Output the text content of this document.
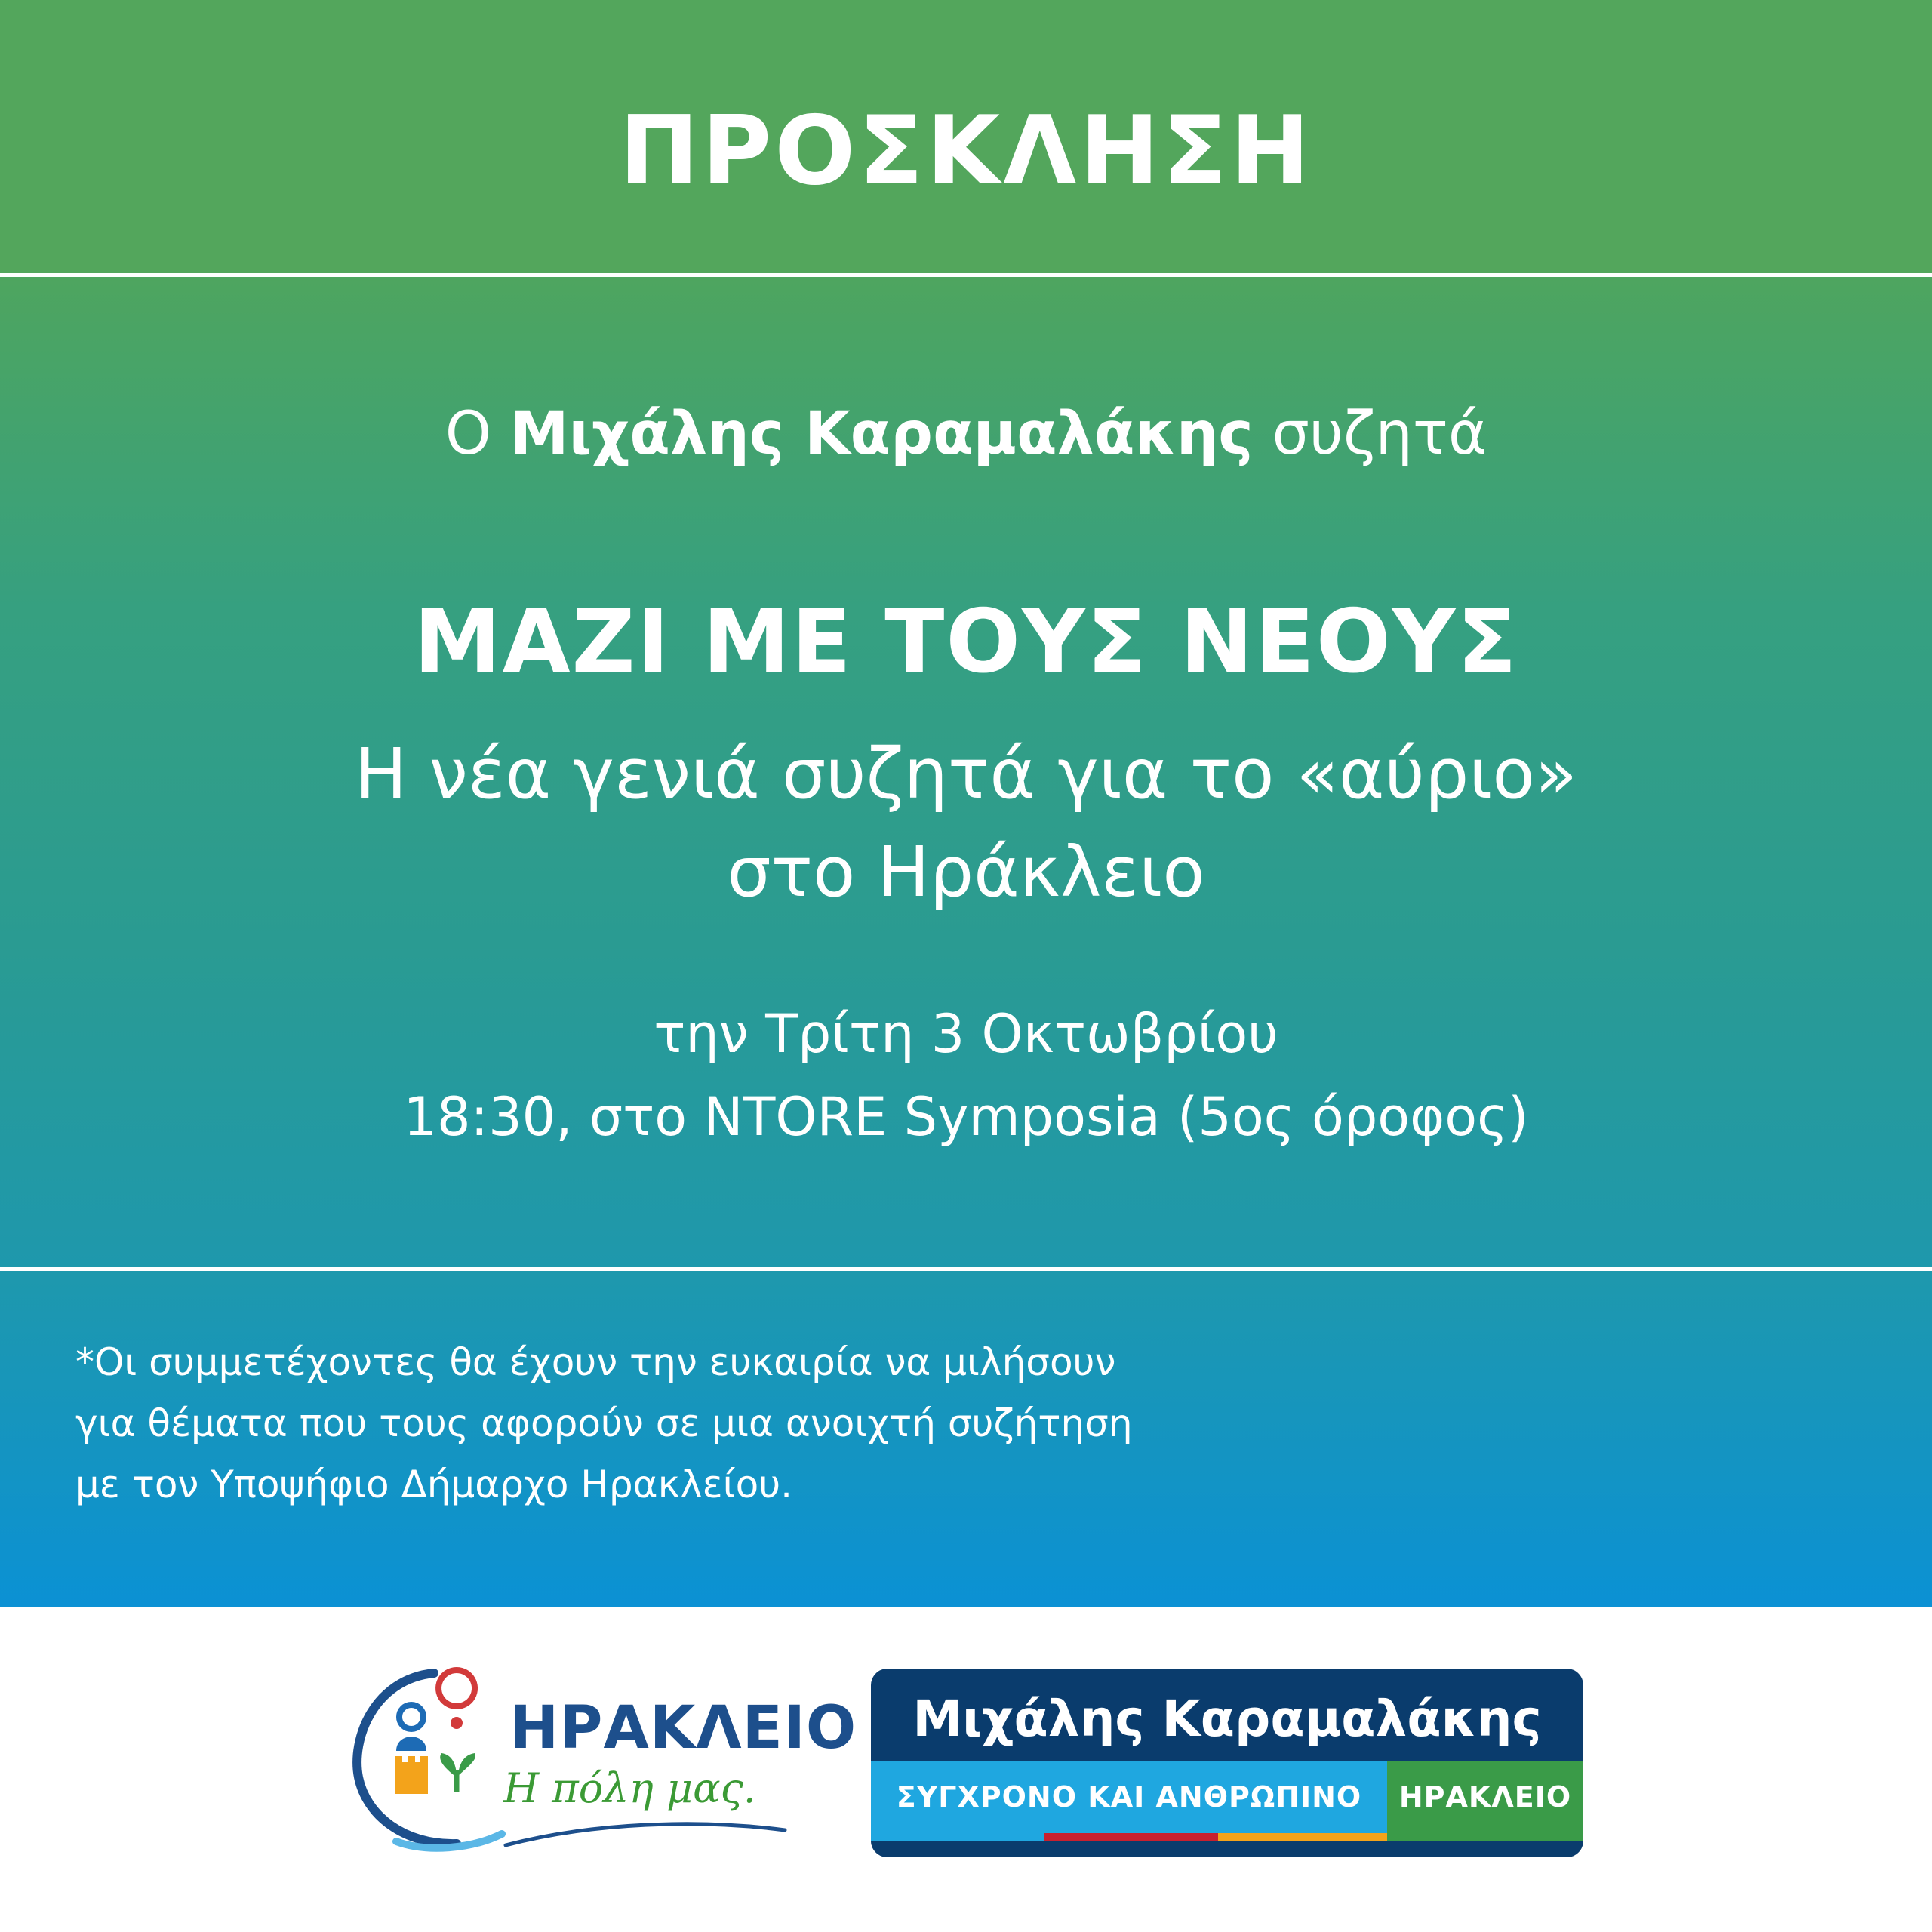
ΠΡΟΣΚΛΗΣΗ
Ο Μιχάλης Καραμαλάκης συζητά
ΜΑΖΙ ΜΕ ΤΟΥΣ ΝΕΟΥΣ
Η νέα γενιά συζητά για το «αύριο»
στο Ηράκλειο
την Τρίτη 3 Οκτωβρίου
18:30, στο NTORE Symposia (5ος όροφος)
*Οι συμμετέχοντες θα έχουν την ευκαιρία να μιλήσουν
για θέματα που τους αφορούν σε μια ανοιχτή συζήτηση
με τον Υποψήφιο Δήμαρχο Ηρακλείου.
ΗΡΑΚΛΕΙΟ
Η πόλη μας.
Μιχάλης Καραμαλάκης
ΣΥΓΧΡΟΝΟ ΚΑΙ ΑΝΘΡΩΠΙΝΟ	ΗΡΑΚΛΕΙΟ
